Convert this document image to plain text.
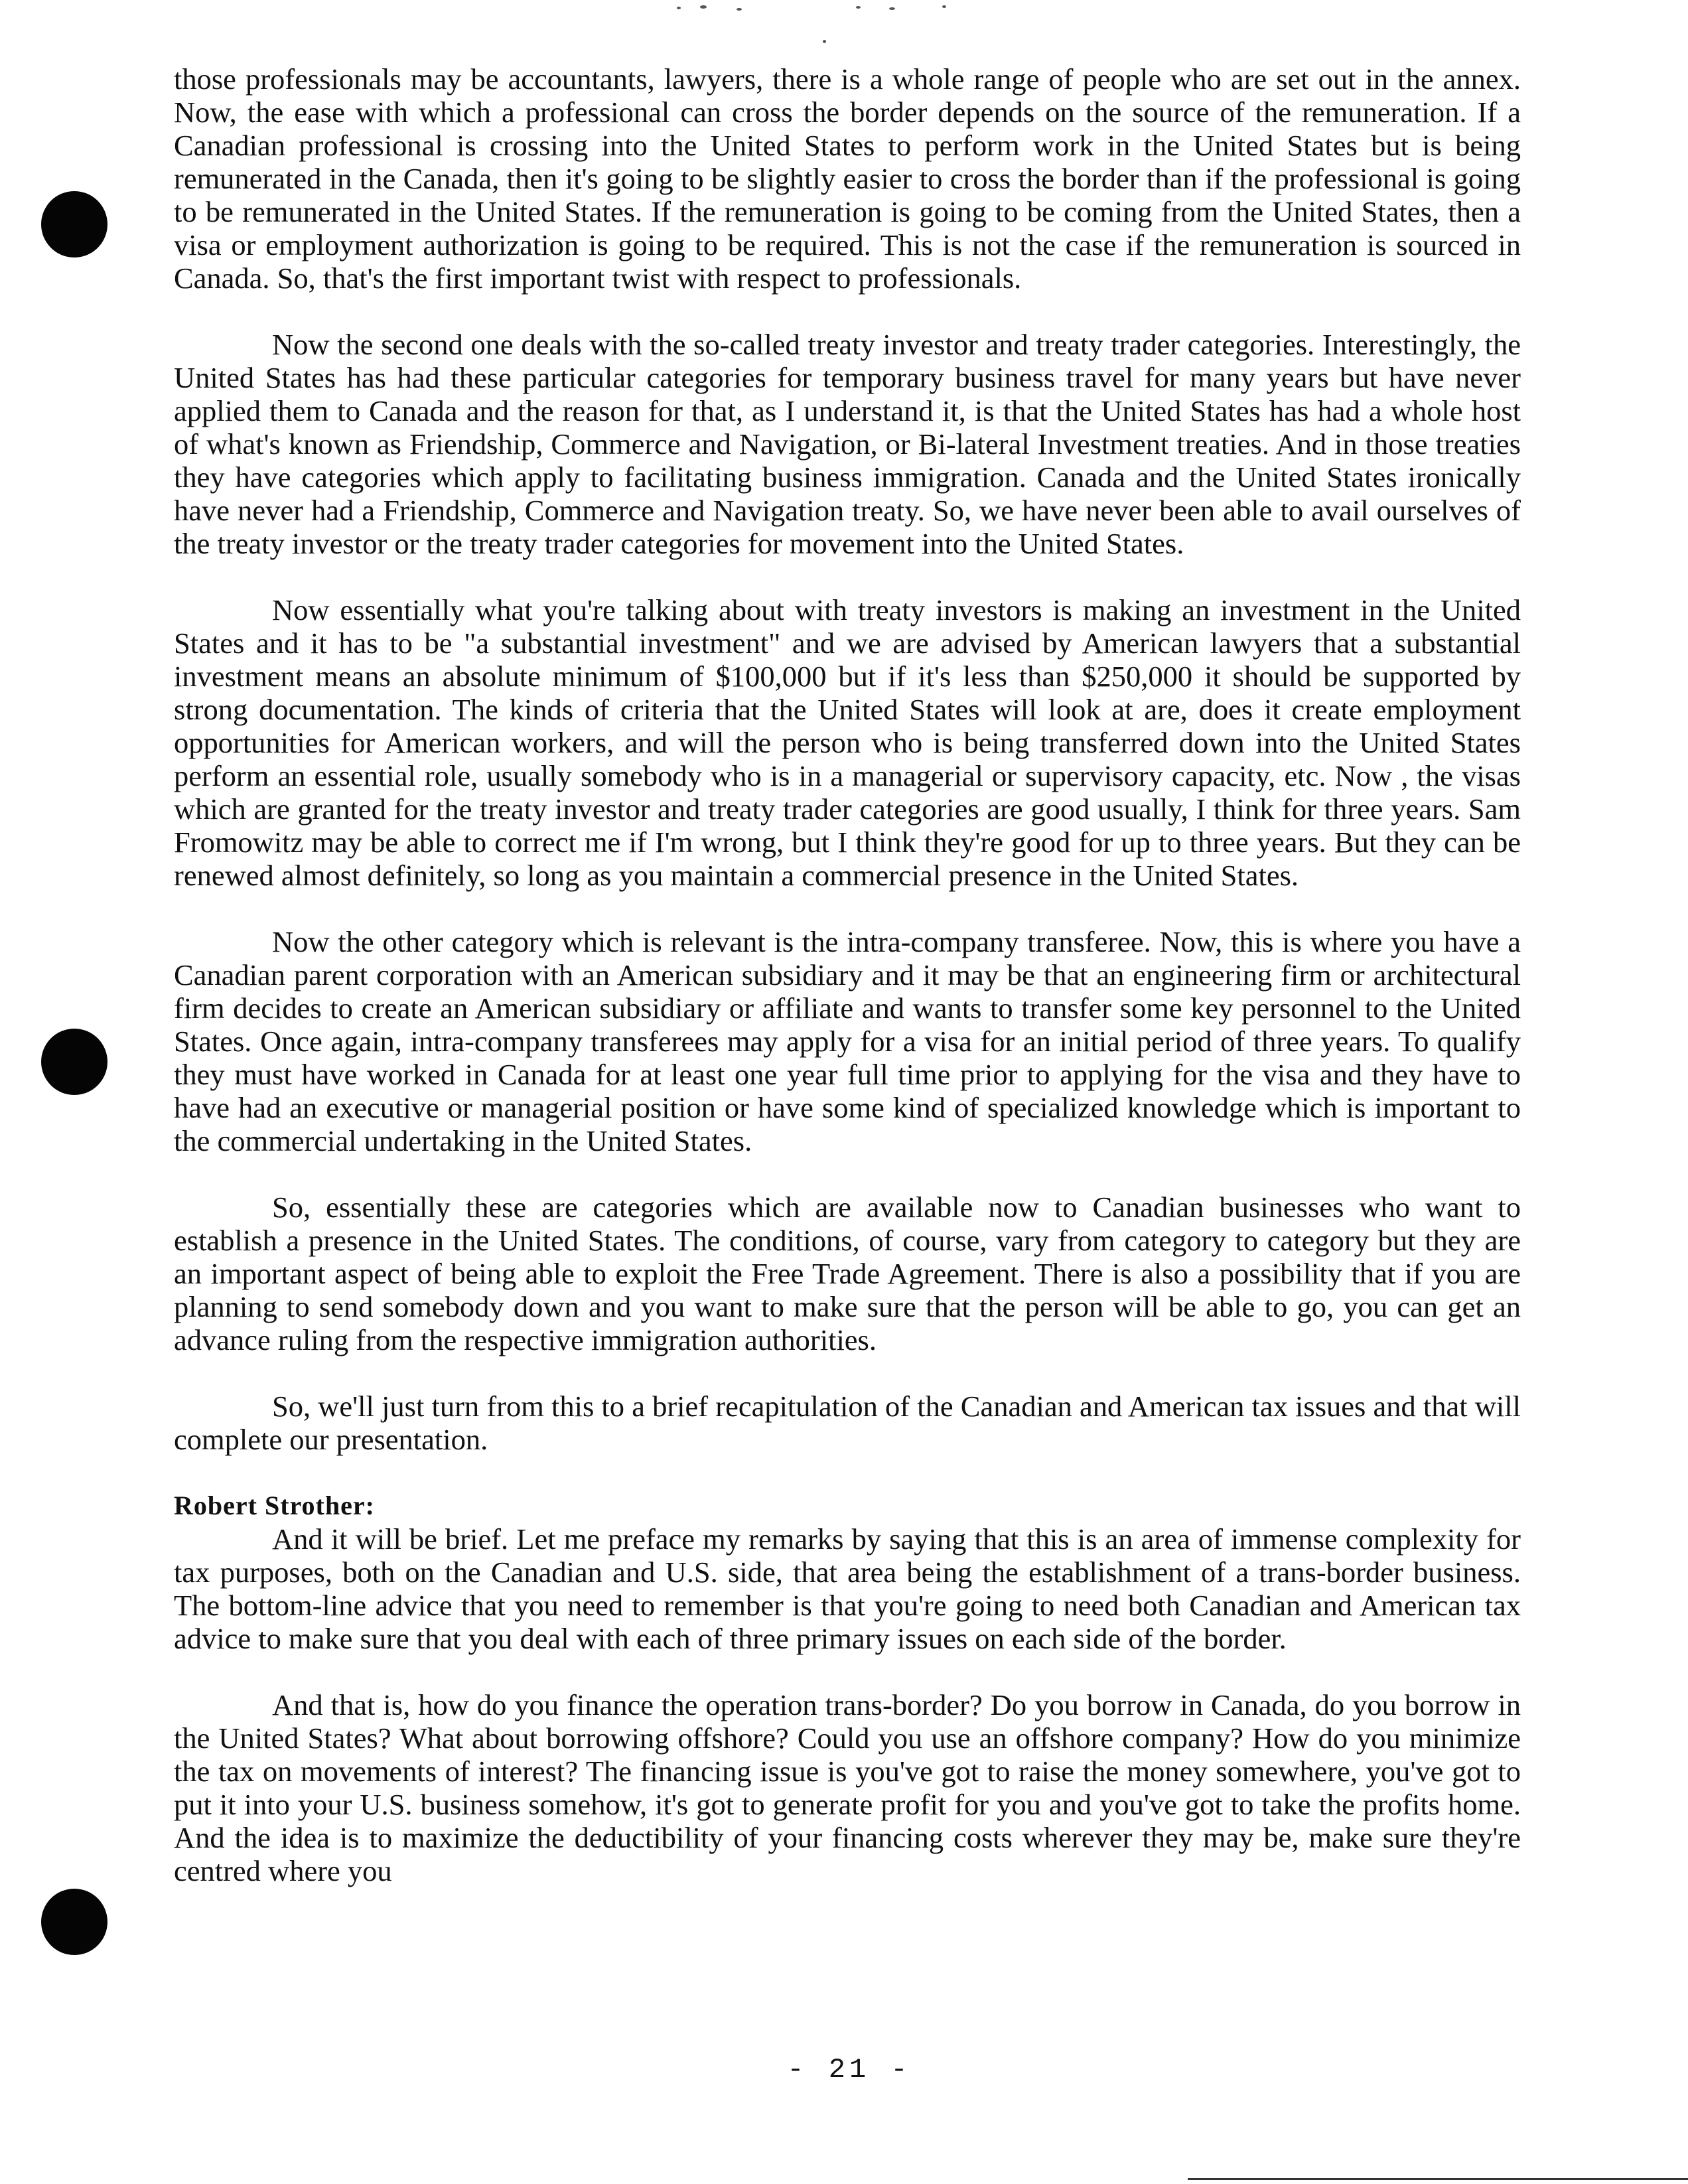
those professionals may be accountants, lawyers, there is a whole range of people who are set out in the annex. Now, the ease with which a professional can cross the border depends on the source of the remuneration. If a Canadian professional is crossing into the United States to perform work in the United States but is being remunerated in the Canada, then it's going to be slightly easier to cross the border than if the professional is going to be remunerated in the United States. If the remuneration is going to be coming from the United States, then a visa or employment authorization is going to be required. This is not the case if the remuneration is sourced in Canada. So, that's the first important twist with respect to professionals.

Now the second one deals with the so-called treaty investor and treaty trader categories. Interestingly, the United States has had these particular categories for temporary business travel for many years but have never applied them to Canada and the reason for that, as I understand it, is that the United States has had a whole host of what's known as Friendship, Commerce and Navigation, or Bi-lateral Investment treaties. And in those treaties they have categories which apply to facilitating business immigration. Canada and the United States ironically have never had a Friendship, Commerce and Navigation treaty. So, we have never been able to avail ourselves of the treaty investor or the treaty trader categories for movement into the United States.

Now essentially what you're talking about with treaty investors is making an investment in the United States and it has to be "a substantial investment" and we are advised by American lawyers that a substantial investment means an absolute minimum of $100,000 but if it's less than $250,000 it should be supported by strong documentation. The kinds of criteria that the United States will look at are, does it create employment opportunities for American workers, and will the person who is being transferred down into the United States perform an essential role, usually somebody who is in a managerial or supervisory capacity, etc. Now , the visas which are granted for the treaty investor and treaty trader categories are good usually, I think for three years. Sam Fromowitz may be able to correct me if I'm wrong, but I think they're good for up to three years. But they can be renewed almost definitely, so long as you maintain a commercial presence in the United States.

Now the other category which is relevant is the intra-company transferee. Now, this is where you have a Canadian parent corporation with an American subsidiary and it may be that an engineering firm or architectural firm decides to create an American subsidiary or affiliate and wants to transfer some key personnel to the United States. Once again, intra-company transferees may apply for a visa for an initial period of three years. To qualify they must have worked in Canada for at least one year full time prior to applying for the visa and they have to have had an executive or managerial position or have some kind of specialized knowledge which is important to the commercial undertaking in the United States.

So, essentially these are categories which are available now to Canadian businesses who want to establish a presence in the United States. The conditions, of course, vary from category to category but they are an important aspect of being able to exploit the Free Trade Agreement. There is also a possibility that if you are planning to send somebody down and you want to make sure that the person will be able to go, you can get an advance ruling from the respective immigration authorities.

So, we'll just turn from this to a brief recapitulation of the Canadian and American tax issues and that will complete our presentation.

Robert Strother:

And it will be brief. Let me preface my remarks by saying that this is an area of immense complexity for tax purposes, both on the Canadian and U.S. side, that area being the establishment of a trans-border business. The bottom-line advice that you need to remember is that you're going to need both Canadian and American tax advice to make sure that you deal with each of three primary issues on each side of the border.

And that is, how do you finance the operation trans-border? Do you borrow in Canada, do you borrow in the United States? What about borrowing offshore? Could you use an offshore company? How do you minimize the tax on movements of interest? The financing issue is you've got to raise the money somewhere, you've got to put it into your U.S. business somehow, it's got to generate profit for you and you've got to take the profits home. And the idea is to maximize the deductibility of your financing costs wherever they may be, make sure they're centred where you

- 21 -
